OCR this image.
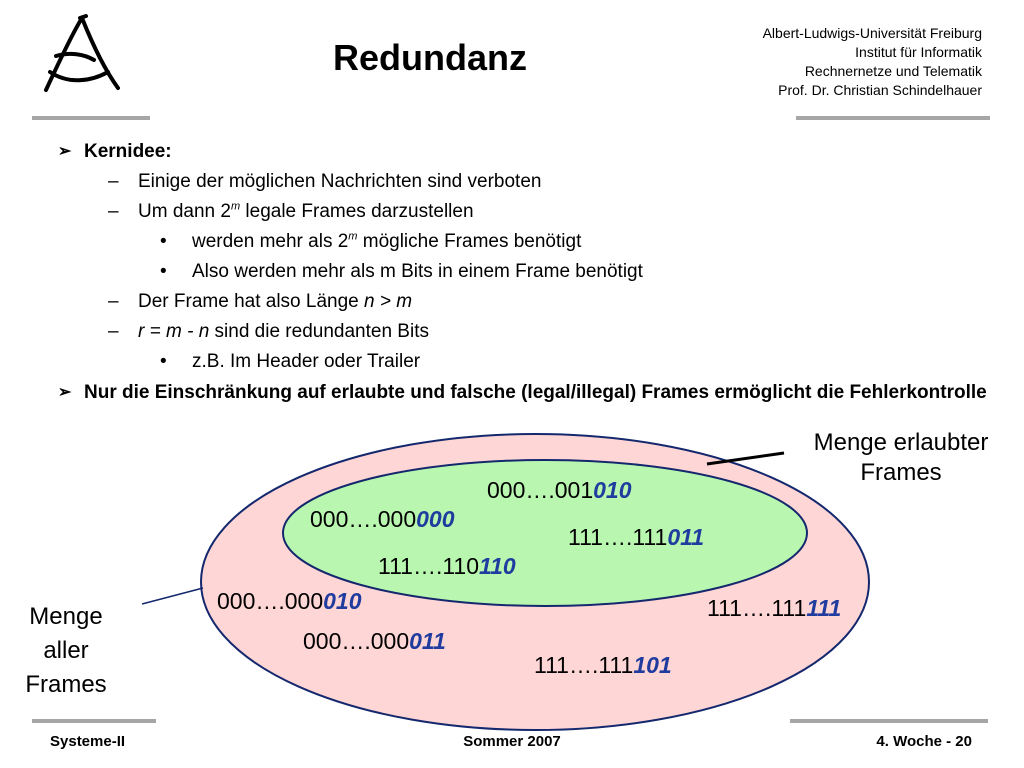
Redundanz
Albert-Ludwigs-Universität Freiburg
Institut für Informatik
Rechnernetze und Telematik
Prof. Dr. Christian Schindelhauer
➢ Kernidee:
– Einige der möglichen Nachrichten sind verboten
– Um dann 2$^m$ legale Frames darzustellen
• werden mehr als 2$^m$ mögliche Frames benötigt
• Also werden mehr als m Bits in einem Frame benötigt
– Der Frame hat also Länge n > m
– r = m - n sind die redundanten Bits
• z.B. Im Header oder Trailer
➢ Nur die Einschränkung auf erlaubte und falsche (legal/illegal) Frames ermöglicht die Fehlerkontrolle
Menge erlaubter
Frames
Menge
aller
Frames
000….001010
000….000000
111….111011
111….110110
000….000010	111….111111
000….000011
111….111101
Systeme-II	Sommer 2007	4. Woche - 20
